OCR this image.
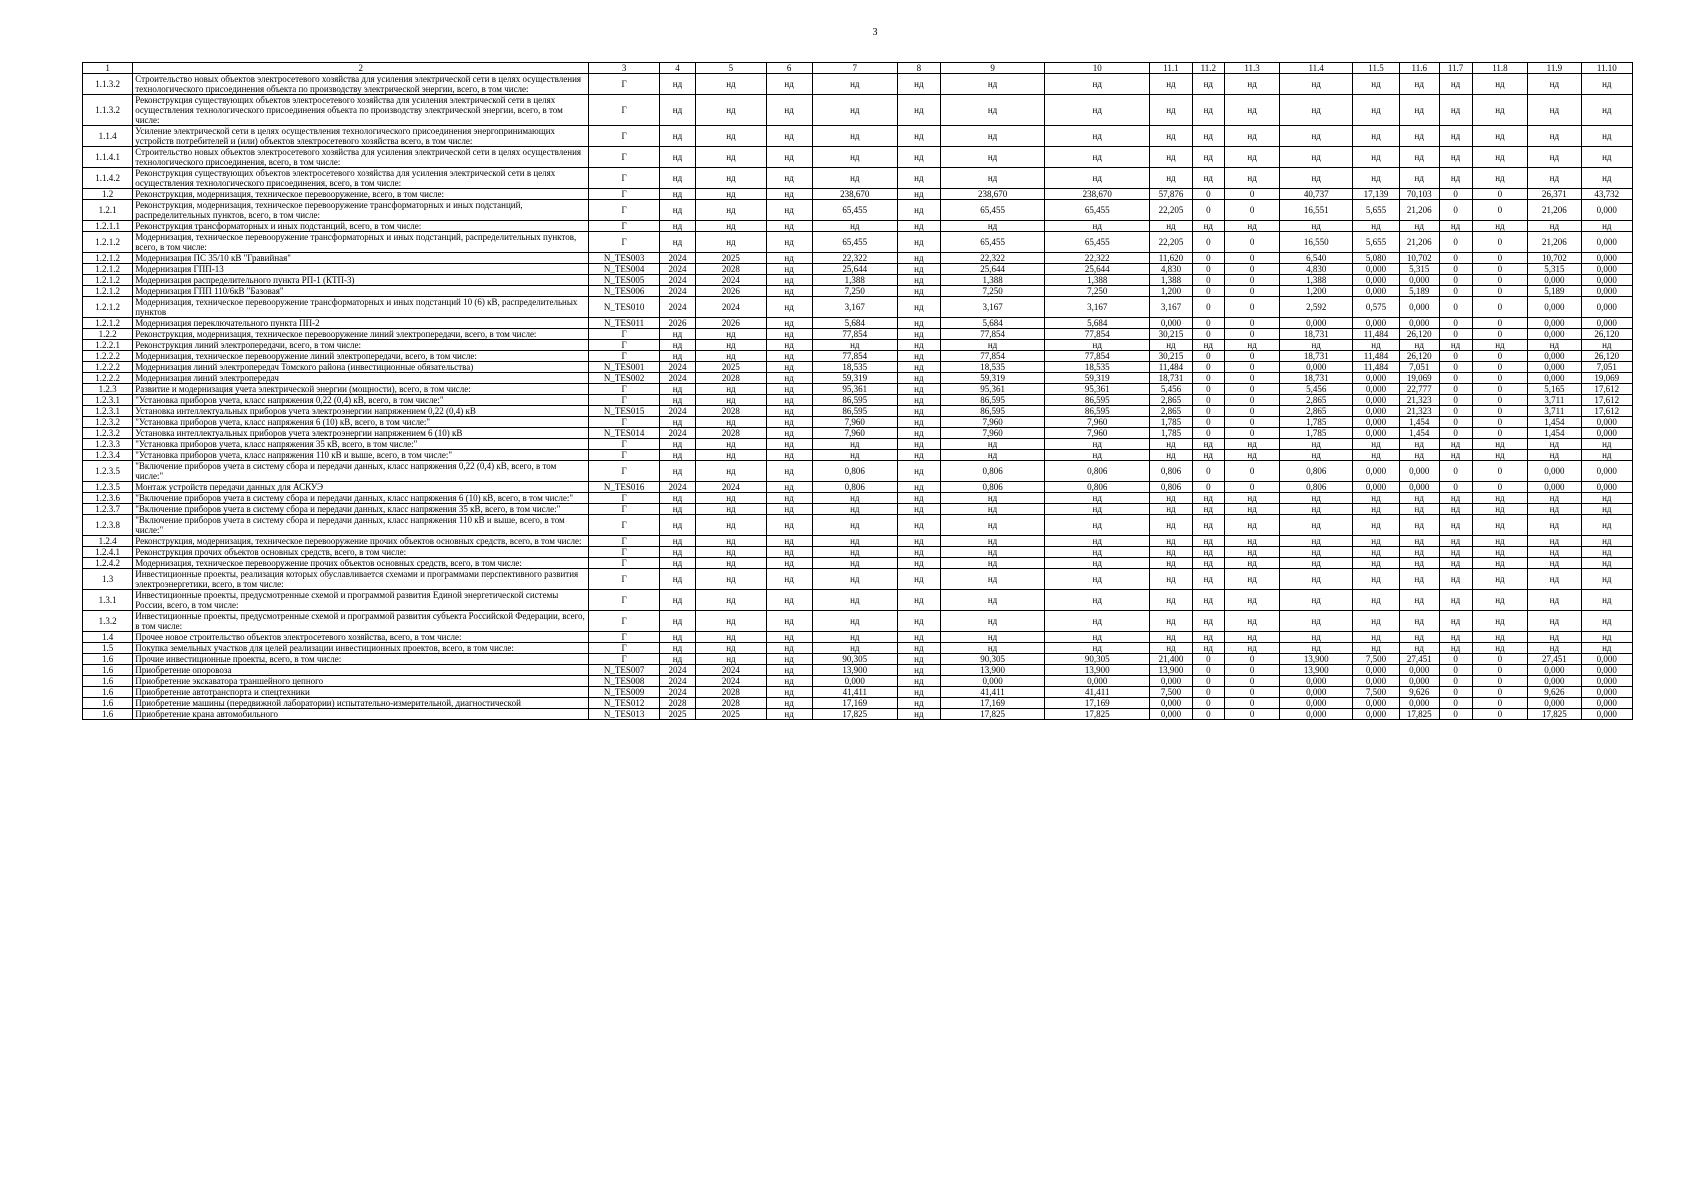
3
1	2	3	4	5	6	7	8	9	10	11.1	11.2	11.3	11.4	11.5	11.6	11.7	11.8	11.9	11.10
1.1.3.2	Строительство новых объектов электросетевого хозяйства для усиления электрической сети в целях осуществления технологического присоединения объекта по производству электрической энергии, всего, в том числе:	Г	нд	нд	нд	нд	нд	нд	нд	нд	нд	нд	нд	нд	нд	нд	нд	нд	нд
1.1.3.2	Реконструкция существующих объектов электросетевого хозяйства для усиления электрической сети в целях осуществления технологического присоединения объекта по производству электрической энергии, всего, в том числе:	Г	нд	нд	нд	нд	нд	нд	нд	нд	нд	нд	нд	нд	нд	нд	нд	нд	нд
1.1.4	Усиление электрической сети в целях осуществления технологического присоединения энергопринимающих устройств потребителей и (или) объектов электросетевого хозяйства всего, в том числе:	Г	нд	нд	нд	нд	нд	нд	нд	нд	нд	нд	нд	нд	нд	нд	нд	нд	нд
1.1.4.1	Строительство новых объектов электросетевого хозяйства для усиления электрической сети в целях осуществления технологического присоединения, всего, в том числе:	Г	нд	нд	нд	нд	нд	нд	нд	нд	нд	нд	нд	нд	нд	нд	нд	нд	нд
1.1.4.2	Реконструкция существующих объектов электросетевого хозяйства для усиления электрической сети в целях осуществления технологического присоединения, всего, в том числе:	Г	нд	нд	нд	нд	нд	нд	нд	нд	нд	нд	нд	нд	нд	нд	нд	нд	нд
1.2	Реконструкция, модернизация, техническое перевооружение, всего, в том числе:	Г	нд	нд	нд	238,670	нд	238,670	238,670	57,876	0	0	40,737	17,139	70,103	0	0	26,371	43,732
1.2.1	Реконструкция, модернизация, техническое перевооружение трансформаторных и иных подстанций, распределительных пунктов, всего, в том числе:	Г	нд	нд	нд	65,455	нд	65,455	65,455	22,205	0	0	16,551	5,655	21,206	0	0	21,206	0,000
1.2.1.1	Реконструкция трансформаторных и иных подстанций, всего, в том числе:	Г	нд	нд	нд	нд	нд	нд	нд	нд	нд	нд	нд	нд	нд	нд	нд	нд	нд
1.2.1.2	Модернизация, техническое перевооружение трансформаторных и иных подстанций, распределительных пунктов, всего, в том числе:	Г	нд	нд	нд	65,455	нд	65,455	65,455	22,205	0	0	16,550	5,655	21,206	0	0	21,206	0,000
1.2.1.2	Модернизация ПС 35/10 кВ "Гравийная"	N_TES003	2024	2025	нд	22,322	нд	22,322	22,322	11,620	0	0	6,540	5,080	10,702	0	0	10,702	0,000
1.2.1.2	Модернизация ГПП-13	N_TES004	2024	2028	нд	25,644	нд	25,644	25,644	4,830	0	0	4,830	0,000	5,315	0	0	5,315	0,000
1.2.1.2	Модернизация распределительного пункта РП-1 (КТП-3)	N_TES005	2024	2024	нд	1,388	нд	1,388	1,388	1,388	0	0	1,388	0,000	0,000	0	0	0,000	0,000
1.2.1.2	Модернизация ГПП 110/6кВ "Базовая"	N_TES006	2024	2026	нд	7,250	нд	7,250	7,250	1,200	0	0	1,200	0,000	5,189	0	0	5,189	0,000
1.2.1.2	Модернизация, техническое перевооружение трансформаторных и иных подстанций 10 (6) кВ, распределительных пунктов	N_TES010	2024	2024	нд	3,167	нд	3,167	3,167	3,167	0	0	2,592	0,575	0,000	0	0	0,000	0,000
1.2.1.2	Модернизация переключательного пункта ПП-2	N_TES011	2026	2026	нд	5,684	нд	5,684	5,684	0,000	0	0	0,000	0,000	0,000	0	0	0,000	0,000
1.2.2	Реконструкция, модернизация, техническое перевооружение линий электропередачи, всего, в том числе:	Г	нд	нд	нд	77,854	нд	77,854	77,854	30,215	0	0	18,731	11,484	26,120	0	0	0,000	26,120
1.2.2.1	Реконструкция линий электропередачи, всего, в том числе:	Г	нд	нд	нд	нд	нд	нд	нд	нд	нд	нд	нд	нд	нд	нд	нд	нд	нд
1.2.2.2	Модернизация, техническое перевооружение линий электропередачи, всего, в том числе:	Г	нд	нд	нд	77,854	нд	77,854	77,854	30,215	0	0	18,731	11,484	26,120	0	0	0,000	26,120
1.2.2.2	Модернизация линий электропередач Томского района (инвестиционные обязательства)	N_TES001	2024	2025	нд	18,535	нд	18,535	18,535	11,484	0	0	0,000	11,484	7,051	0	0	0,000	7,051
1.2.2.2	Модернизация линий электропередач	N_TES002	2024	2028	нд	59,319	нд	59,319	59,319	18,731	0	0	18,731	0,000	19,069	0	0	0,000	19,069
1.2.3	Развитие и модернизация учета электрической энергии (мощности), всего, в том числе:	Г	нд	нд	нд	95,361	нд	95,361	95,361	5,456	0	0	5,456	0,000	22,777	0	0	5,165	17,612
1.2.3.1	"Установка приборов учета, класс напряжения 0,22 (0,4) кВ, всего, в том числе:"	Г	нд	нд	нд	86,595	нд	86,595	86,595	2,865	0	0	2,865	0,000	21,323	0	0	3,711	17,612
1.2.3.1	Установка интеллектуальных приборов учета электроэнергии напряжением 0,22 (0,4) кВ	N_TES015	2024	2028	нд	86,595	нд	86,595	86,595	2,865	0	0	2,865	0,000	21,323	0	0	3,711	17,612
1.2.3.2	"Установка приборов учета, класс напряжения 6 (10) кВ, всего, в том числе:"	Г	нд	нд	нд	7,960	нд	7,960	7,960	1,785	0	0	1,785	0,000	1,454	0	0	1,454	0,000
1.2.3.2	Установка интеллектуальных приборов учета электроэнергии напряжением 6 (10) кВ	N_TES014	2024	2028	нд	7,960	нд	7,960	7,960	1,785	0	0	1,785	0,000	1,454	0	0	1,454	0,000
1.2.3.3	"Установка приборов учета, класс напряжения 35 кВ, всего, в том числе:"	Г	нд	нд	нд	нд	нд	нд	нд	нд	нд	нд	нд	нд	нд	нд	нд	нд	нд
1.2.3.4	"Установка приборов учета, класс напряжения 110 кВ и выше, всего, в том числе:"	Г	нд	нд	нд	нд	нд	нд	нд	нд	нд	нд	нд	нд	нд	нд	нд	нд	нд
1.2.3.5	"Включение приборов учета в систему сбора и передачи данных, класс напряжения 0,22 (0,4) кВ, всего, в том числе:"	Г	нд	нд	нд	0,806	нд	0,806	0,806	0,806	0	0	0,806	0,000	0,000	0	0	0,000	0,000
1.2.3.5	Монтаж устройств передачи данных для АСКУЭ	N_TES016	2024	2024	нд	0,806	нд	0,806	0,806	0,806	0	0	0,806	0,000	0,000	0	0	0,000	0,000
1.2.3.6	"Включение приборов учета в систему сбора и передачи данных, класс напряжения 6 (10) кВ, всего, в том числе:"	Г	нд	нд	нд	нд	нд	нд	нд	нд	нд	нд	нд	нд	нд	нд	нд	нд	нд
1.2.3.7	"Включение приборов учета в систему сбора и передачи данных, класс напряжения 35 кВ, всего, в том числе:"	Г	нд	нд	нд	нд	нд	нд	нд	нд	нд	нд	нд	нд	нд	нд	нд	нд	нд
1.2.3.8	"Включение приборов учета в систему сбора и передачи данных, класс напряжения 110 кВ и выше, всего, в том числе:"	Г	нд	нд	нд	нд	нд	нд	нд	нд	нд	нд	нд	нд	нд	нд	нд	нд	нд
1.2.4	Реконструкция, модернизация, техническое перевооружение прочих объектов основных средств, всего, в том числе:	Г	нд	нд	нд	нд	нд	нд	нд	нд	нд	нд	нд	нд	нд	нд	нд	нд	нд
1.2.4.1	Реконструкция прочих объектов основных средств, всего, в том числе:	Г	нд	нд	нд	нд	нд	нд	нд	нд	нд	нд	нд	нд	нд	нд	нд	нд	нд
1.2.4.2	Модернизация, техническое перевооружение прочих объектов основных средств, всего, в том числе:	Г	нд	нд	нд	нд	нд	нд	нд	нд	нд	нд	нд	нд	нд	нд	нд	нд	нд
1.3	Инвестиционные проекты, реализация которых обуславливается схемами и программами перспективного развития электроэнергетики, всего, в том числе:	Г	нд	нд	нд	нд	нд	нд	нд	нд	нд	нд	нд	нд	нд	нд	нд	нд	нд
1.3.1	Инвестиционные проекты, предусмотренные схемой и программой развития Единой энергетической системы России, всего, в том числе:	Г	нд	нд	нд	нд	нд	нд	нд	нд	нд	нд	нд	нд	нд	нд	нд	нд	нд
1.3.2	Инвестиционные проекты, предусмотренные схемой и программой развития субъекта Российской Федерации, всего, в том числе:	Г	нд	нд	нд	нд	нд	нд	нд	нд	нд	нд	нд	нд	нд	нд	нд	нд	нд
1.4	Прочее новое строительство объектов электросетевого хозяйства, всего, в том числе:	Г	нд	нд	нд	нд	нд	нд	нд	нд	нд	нд	нд	нд	нд	нд	нд	нд	нд
1.5	Покупка земельных участков для целей реализации инвестиционных проектов, всего, в том числе:	Г	нд	нд	нд	нд	нд	нд	нд	нд	нд	нд	нд	нд	нд	нд	нд	нд	нд
1.6	Прочие инвестиционные проекты, всего, в том числе:	Г	нд	нд	нд	90,305	нд	90,305	90,305	21,400	0	0	13,900	7,500	27,451	0	0	27,451	0,000
1.6	Приобретение опоровоза	N_TES007	2024	2024	нд	13,900	нд	13,900	13,900	13,900	0	0	13,900	0,000	0,000	0	0	0,000	0,000
1.6	Приобретение экскаватора траншейного цепного	N_TES008	2024	2024	нд	0,000	нд	0,000	0,000	0,000	0	0	0,000	0,000	0,000	0	0	0,000	0,000
1.6	Приобретение автотранспорта и спецтехники	N_TES009	2024	2028	нд	41,411	нд	41,411	41,411	7,500	0	0	0,000	7,500	9,626	0	0	9,626	0,000
1.6	Приобретение машины (передвижной лаборатории) испытательно-измерительной, диагностической	N_TES012	2028	2028	нд	17,169	нд	17,169	17,169	0,000	0	0	0,000	0,000	0,000	0	0	0,000	0,000
1.6	Приобретение крана автомобильного	N_TES013	2025	2025	нд	17,825	нд	17,825	17,825	0,000	0	0	0,000	0,000	17,825	0	0	17,825	0,000
